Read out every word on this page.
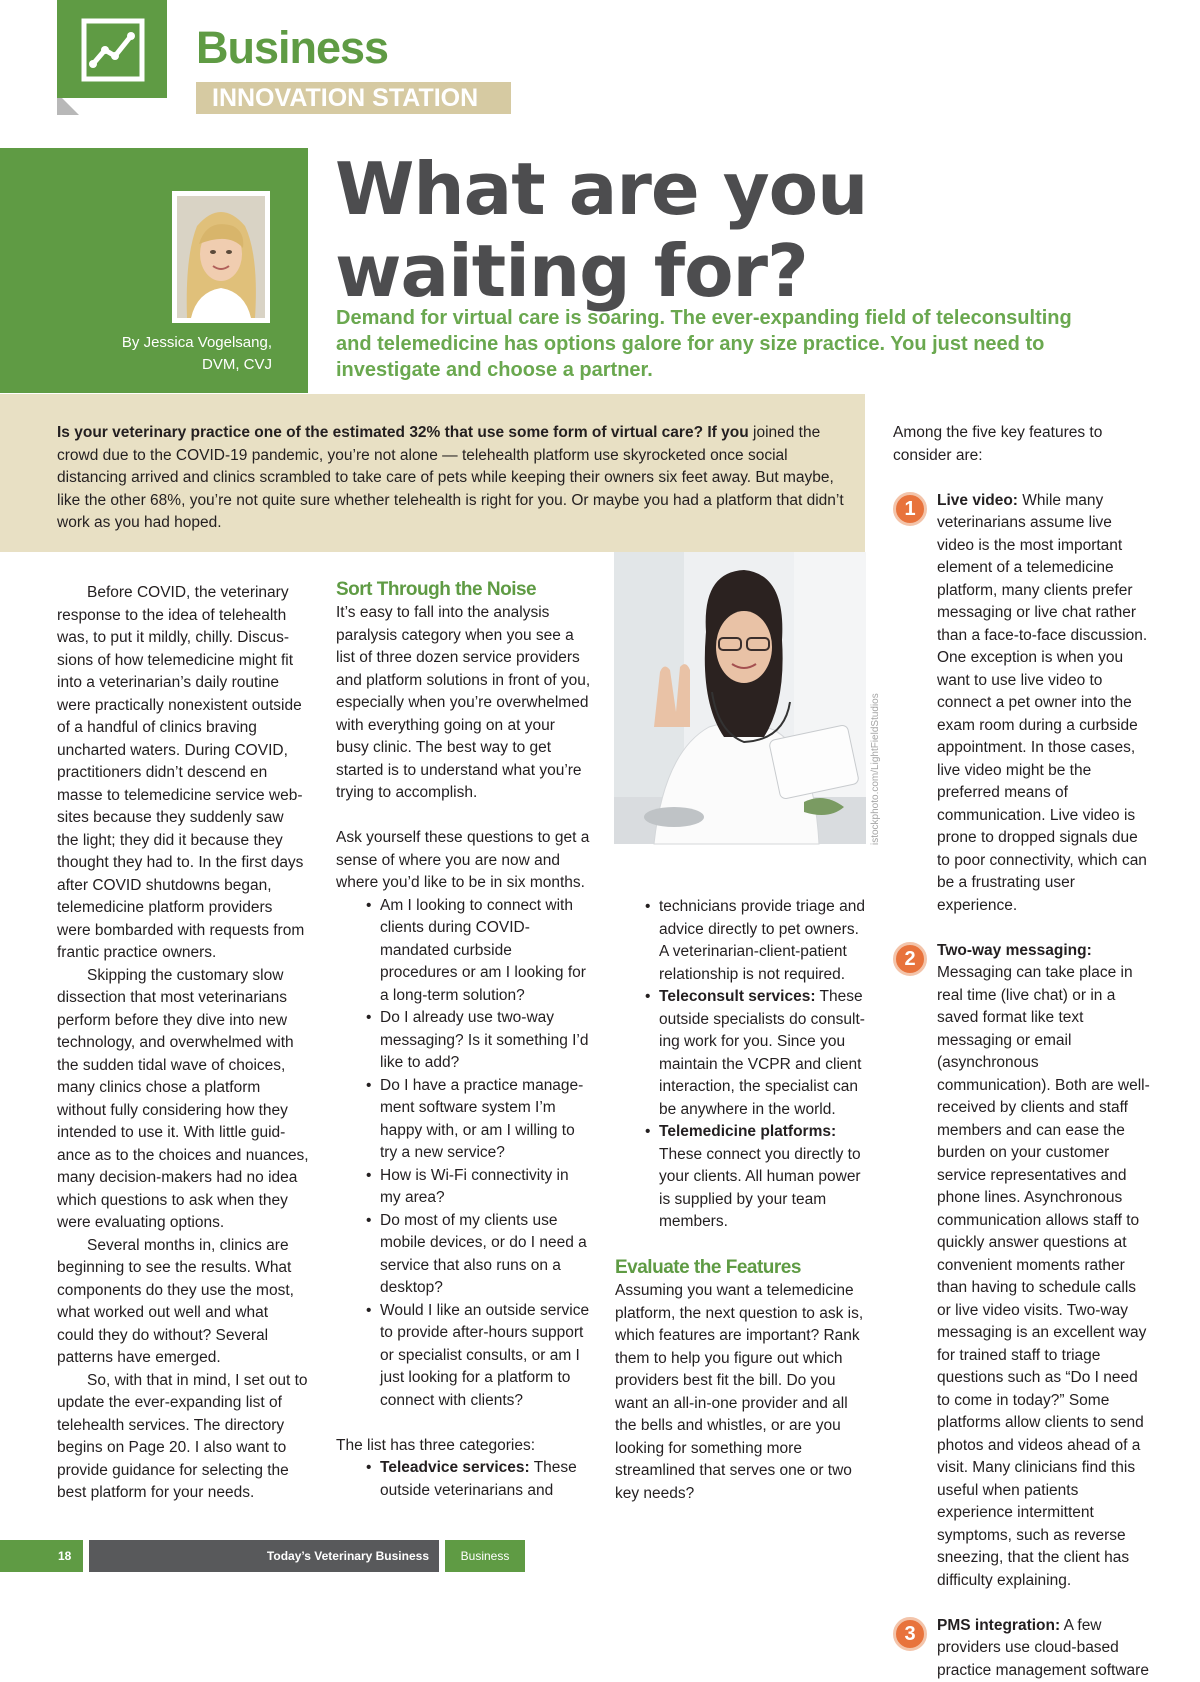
Business
INNOVATION STATION
By Jessica Vogelsang,
DVM, CVJ
What are you
waiting for?
Demand for virtual care is soaring. The ever-expanding field of teleconsulting and telemedicine has options galore for any size practice. You just need to investigate and choose a partner.
Is your veterinary practice one of the estimated 32% that use some form of virtual care? If you joined the crowd due to the COVID-19 pandemic, you’re not alone — telehealth platform use skyrocketed once social distancing arrived and clinics scrambled to take care of pets while keeping their owners six feet away. But maybe, like the other 68%, you’re not quite sure whether telehealth is right for you. Or maybe you had a platform that didn’t work as you had hoped.

Before COVID, the veterinary response to the idea of telehealth was, to put it mildly, chilly. Discussions of how telemedicine might fit into a veterinarian’s daily routine were practically nonexistent outside of a handful of clinics braving uncharted waters. During COVID, practitioners didn’t descend en masse to telemedicine service websites because they suddenly saw the light; they did it because they thought they had to. In the first days after COVID shutdowns began, telemedicine platform providers were bombarded with requests from frantic practice owners.

Skipping the customary slow dissection that most veterinarians perform before they dive into new technology, and overwhelmed with the sudden tidal wave of choices, many clinics chose a platform without fully considering how they intended to use it. With little guidance as to the choices and nuances, many decision-makers had no idea which questions to ask when they were evaluating options.

Several months in, clinics are beginning to see the results. What components do they use the most, what worked out well and what could they do without? Several patterns have emerged.

So, with that in mind, I set out to update the ever-expanding list of telehealth services. The directory begins on Page 20. I also want to provide guidance for selecting the best platform for your needs.

Sort Through the Noise

It’s easy to fall into the analysis paralysis category when you see a list of three dozen service providers and platform solutions in front of you, especially when you’re overwhelmed with everything going on at your busy clinic. The best way to get started is to understand what you’re trying to accomplish.

Ask yourself these questions to get a sense of where you are now and where you’d like to be in six months.

• Am I looking to connect with clients during COVID-mandated curbside procedures or am I looking for a long-term solution?
• Do I already use two-way messaging? Is it something I’d like to add?
• Do I have a practice management software system I’m happy with, or am I willing to try a new service?
• How is Wi-Fi connectivity in my area?
• Do most of my clients use mobile devices, or do I need a service that also runs on a desktop?
• Would I like an outside service to provide after-hours support or specialist consults, or am I just looking for a platform to connect with clients?

The list has three categories:

• Teleadvice services: These outside veterinarians and
istockphoto.com/LightFieldStudios
• technicians provide triage and advice directly to pet owners. A veterinarian-client-patient relationship is not required.
• Teleconsult services: These outside specialists do consulting work for you. Since you maintain the VCPR and client interaction, the specialist can be anywhere in the world.
• Telemedicine platforms: These connect you directly to your clients. All human power is supplied by your team members.
Evaluate the Features

Assuming you want a telemedicine platform, the next question to ask is, which features are important? Rank them to help you figure out which providers best fit the bill. Do you want an all-in-one provider and all the bells and whistles, or are you looking for something more streamlined that serves one or two key needs?

Among the five key features to consider are:

1	Live video: While many veterinarians assume live video is the most important element of a telemedicine platform, many clients prefer messaging or live chat rather than a face-to-face discussion. One exception is when you want to use live video to connect a pet owner into the exam room during a curbside appointment. In those cases, live video might be the preferred means of communication. Live video is prone to dropped signals due to poor connectivity, which can be a frustrating user experience.
2	Two-way messaging: Messaging can take place in real time (live chat) or in a saved format like text messaging or email (asynchronous communication). Both are well-received by clients and staff members and can ease the burden on your customer service representatives and phone lines. Asynchronous communication allows staff to quickly answer questions at convenient moments rather than having to schedule calls or live video visits. Two-way messaging is an excellent way for trained staff to triage questions such as “Do I need to come in today?” Some platforms allow clients to send photos and videos ahead of a visit. Many clinicians find this useful when patients experience intermittent symptoms, such as reverse sneezing, that the client has difficulty explaining.
3	PMS integration: A few providers use cloud-based practice management software
18	Today’s Veterinary Business	Business
